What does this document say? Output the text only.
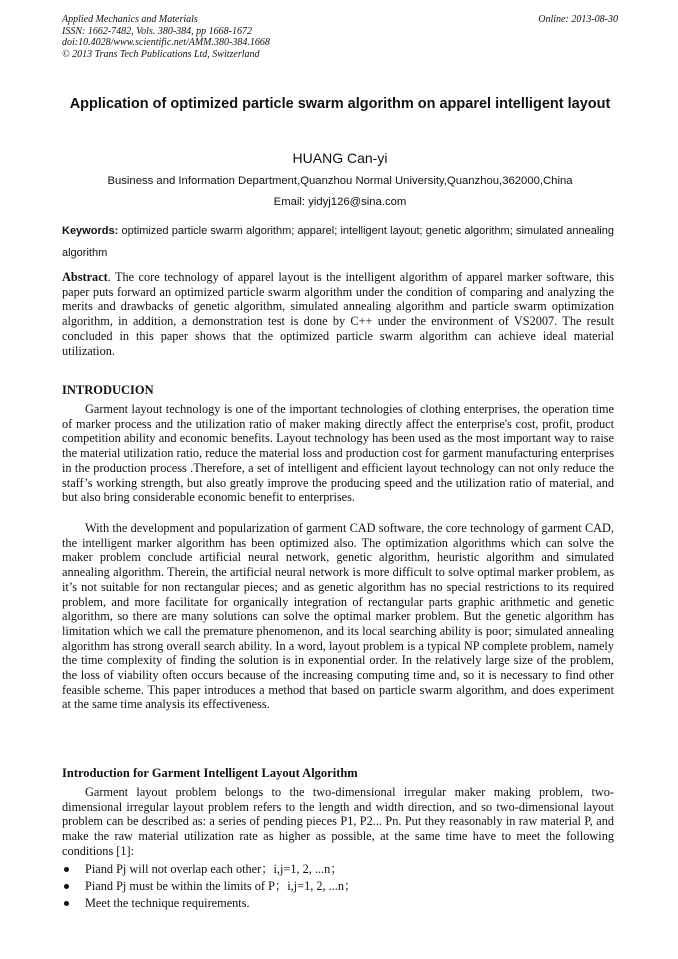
Applied Mechanics and Materials
ISSN: 1662-7482, Vols. 380-384, pp 1668-1672
doi:10.4028/www.scientific.net/AMM.380-384.1668
© 2013 Trans Tech Publications Ltd, Switzerland
Online: 2013-08-30
Application of optimized particle swarm algorithm on apparel intelligent layout
HUANG Can-yi
Business and Information Department,Quanzhou Normal University,Quanzhou,362000,China
Email: yidyj126@sina.com
Keywords: optimized particle swarm algorithm; apparel; intelligent layout; genetic algorithm; simulated annealing algorithm
Abstract. The core technology of apparel layout is the intelligent algorithm of apparel marker software, this paper puts forward an optimized particle swarm algorithm under the condition of comparing and analyzing the merits and drawbacks of genetic algorithm, simulated annealing algorithm and particle swarm optimization algorithm, in addition, a demonstration test is done by C++ under the environment of VS2007. The result concluded in this paper shows that the optimized particle swarm algorithm can achieve ideal material utilization.
INTRODUCION
Garment layout technology is one of the important technologies of clothing enterprises, the operation time of marker process and the utilization ratio of maker making directly affect the enterprise's cost, profit, product competition ability and economic benefits. Layout technology has been used as the most important way to raise the material utilization ratio, reduce the material loss and production cost for garment manufacturing enterprises in the production process .Therefore, a set of intelligent and efficient layout technology can not only reduce the staff’s working strength, but also greatly improve the producing speed and the utilization ratio of material, and but also bring considerable economic benefit to enterprises.
With the development and popularization of garment CAD software, the core technology of garment CAD, the intelligent marker algorithm has been optimized also. The optimization algorithms which can solve the maker problem conclude artificial neural network, genetic algorithm, heuristic algorithm and simulated annealing algorithm. Therein, the artificial neural network is more difficult to solve optimal marker problem, as it’s not suitable for non rectangular pieces; and as genetic algorithm has no special restrictions to its required problem, and more facilitate for organically integration of rectangular parts graphic arithmetic and genetic algorithm, so there are many solutions can solve the optimal marker problem. But the genetic algorithm has limitation which we call the premature phenomenon, and its local searching ability is poor; simulated annealing algorithm has strong overall search ability. In a word, layout problem is a typical NP complete problem, namely the time complexity of finding the solution is in exponential order. In the relatively large size of the problem, the loss of viability often occurs because of the increasing computing time and, so it is necessary to find other feasible scheme. This paper introduces a method that based on particle swarm algorithm, and does experiment at the same time analysis its effectiveness.
Introduction for Garment Intelligent Layout Algorithm
Garment layout problem belongs to the two-dimensional irregular maker making problem, two-dimensional irregular layout problem refers to the length and width direction, and so two-dimensional layout problem can be described as: a series of pending pieces P1, P2... Pn. Put they reasonably in raw material P, and make the raw material utilization rate as higher as possible, at the same time have to meet the following conditions [1]:
Piand Pj will not overlap each other；i,j=1, 2, ...n；
Piand Pj must be within the limits of P；i,j=1, 2, ...n；
Meet the technique requirements.
